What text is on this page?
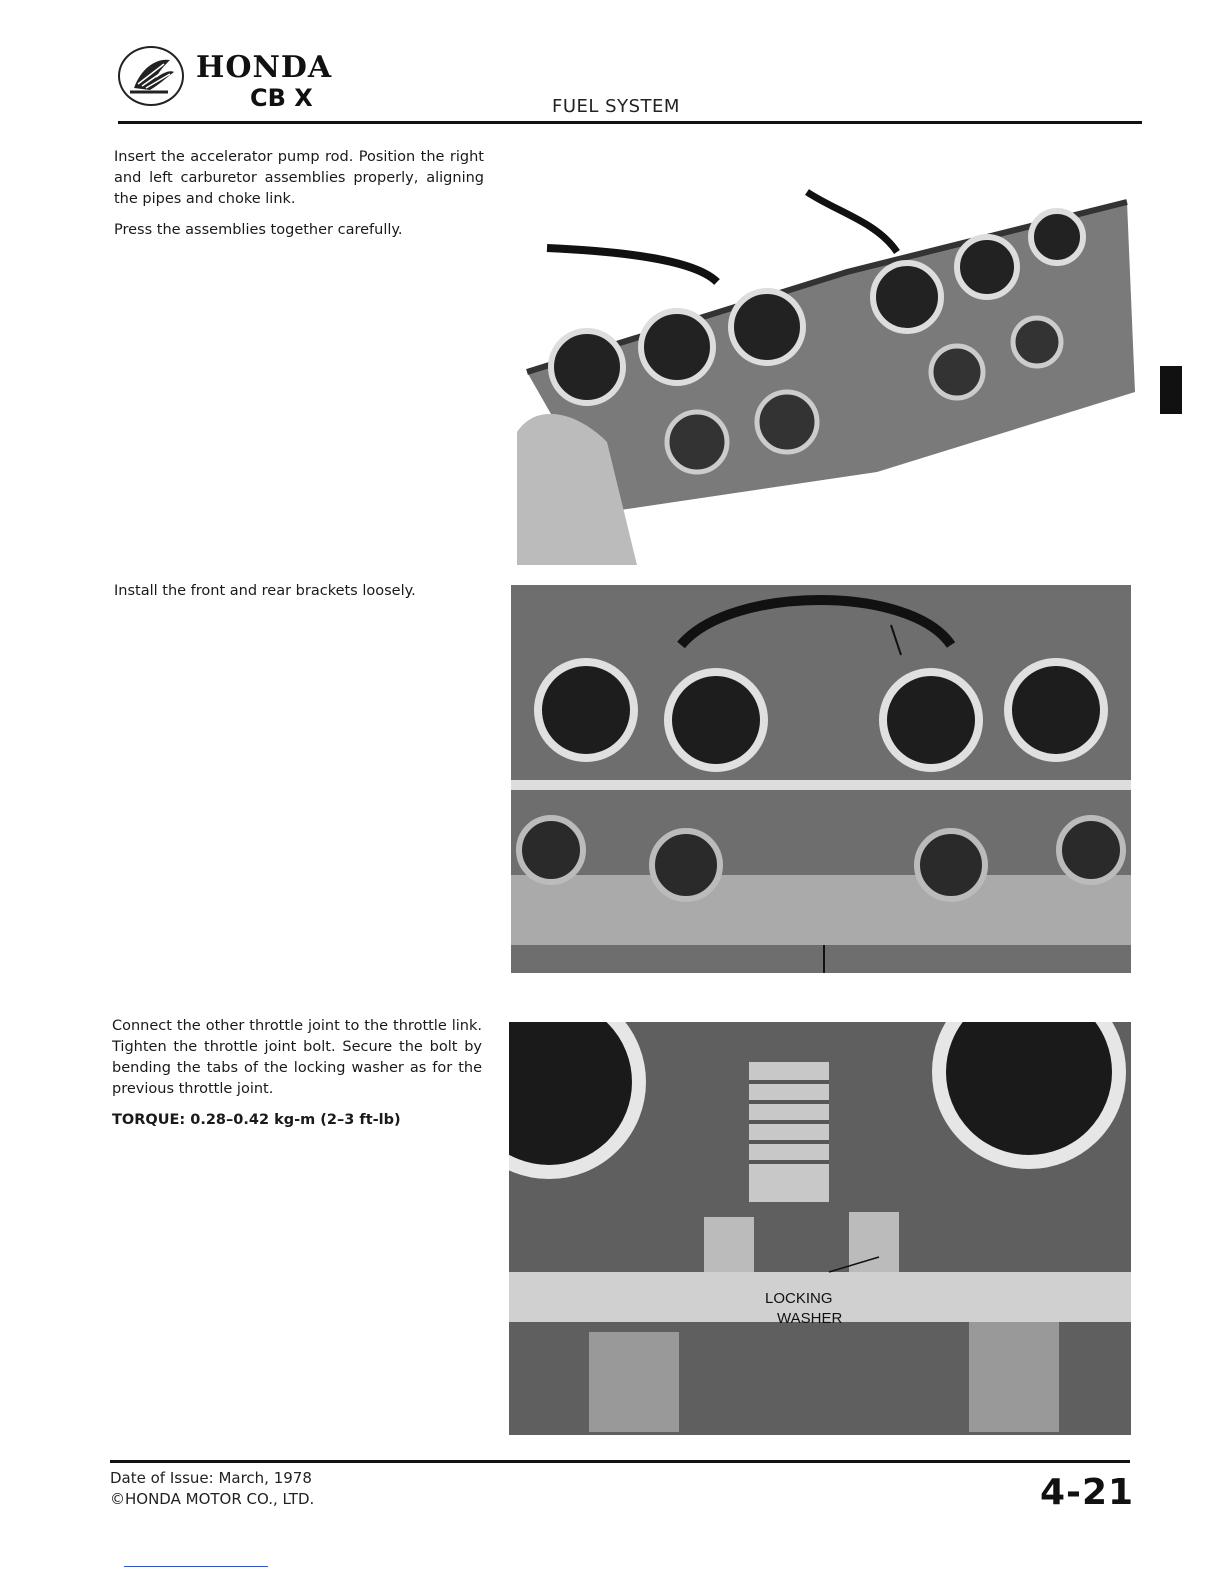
HONDA
CB X	FUEL SYSTEM

Insert the accelerator pump rod. Position the right and left carburetor assemblies properly, aligning the pipes and choke link.

Press the assemblies together carefully.

Install the front and rear brackets loosely.

Connect the other throttle joint to the throttle link. Tighten the throttle joint bolt. Secure the bolt by bending the tabs of the locking washer as for the previous throttle joint.

TORQUE: 0.28–0.42 kg-m (2–3 ft-lb)
LOCKING
WASHER
Date of Issue: March, 1978
©HONDA MOTOR CO., LTD.	4-21
